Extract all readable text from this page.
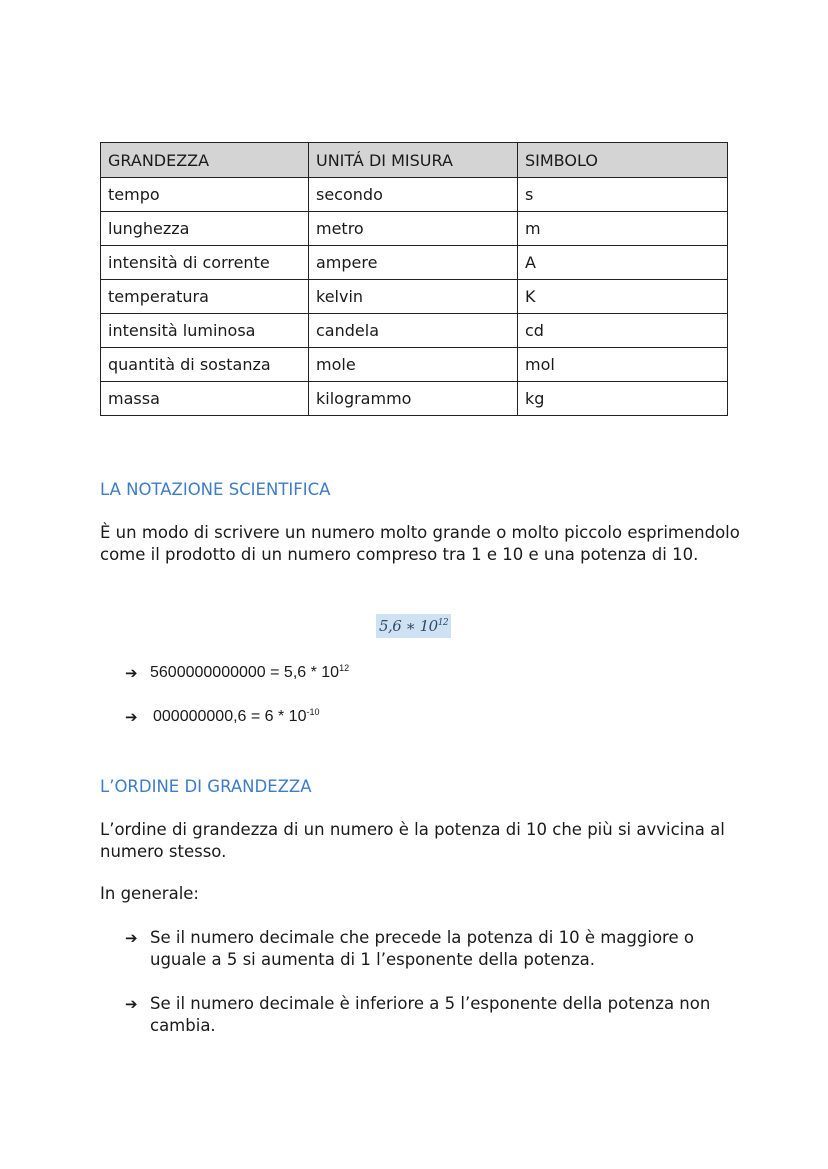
GRANDEZZA	UNITÁ DI MISURA	SIMBOLO
tempo	secondo	s
lunghezza	metro	m
intensità di corrente	ampere	A
temperatura	kelvin	K
intensità luminosa	candela	cd
quantità di sostanza	mole	mol
massa	kilogrammo	kg
LA NOTAZIONE SCIENTIFICA

È un modo di scrivere un numero molto grande o molto piccolo esprimendolo come il prodotto di un numero compreso tra 1 e 10 e una potenza di 10.

5,6 ∗ $10^{12}$
➔ $5600000000000 = 5,6 * 10^{12}$
➔ $000000000,6 = 6 * 10^{-10}$
L’ORDINE DI GRANDEZZA

L’ordine di grandezza di un numero è la potenza di 10 che più si avvicina al numero stesso.

In generale:

➔ Se il numero decimale che precede la potenza di 10 è maggiore o uguale a 5 si aumenta di 1 l’esponente della potenza.
➔ Se il numero decimale è inferiore a 5 l’esponente della potenza non cambia.
